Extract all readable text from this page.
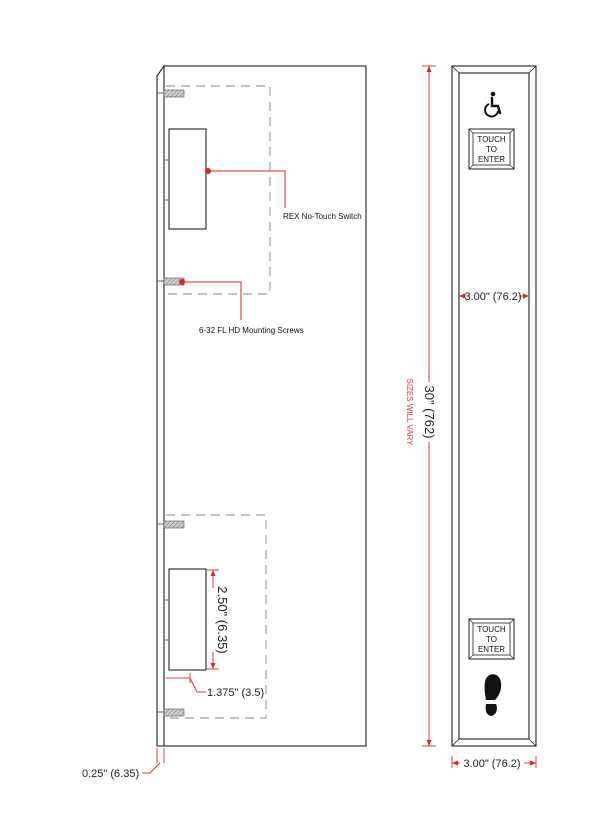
REX No-Touch Switch
6-32 FL HD Mounting Screws
2.50" (6.35)
1.375" (3.5)
0.25" (6.35)
TOUCH
TO
ENTER
TOUCH
TO
ENTER
3.00" (76.2)
3.00" (76.2)
30" (762)
SIZES WILL VARY
